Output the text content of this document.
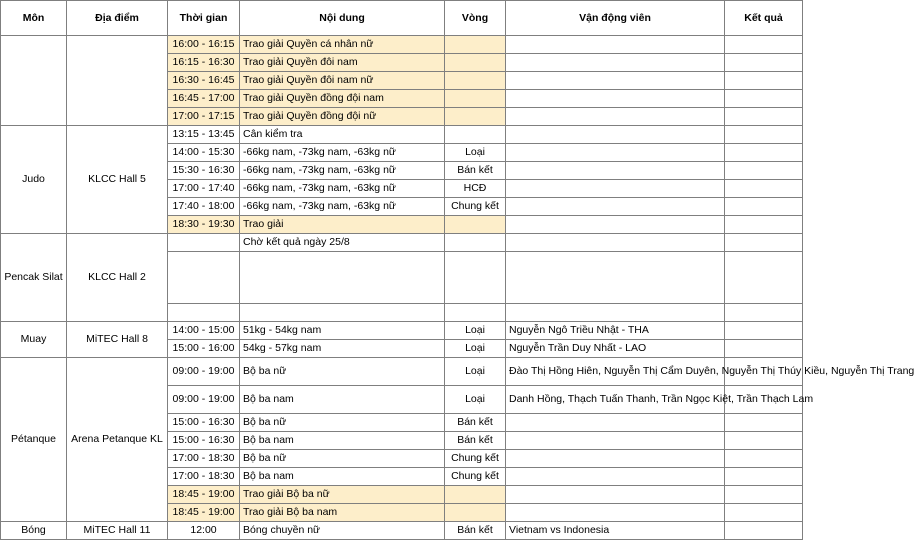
Môn	Địa điểm	Thời gian	Nội dung	Vòng	Vận động viên	Kết quả
		16:00 - 16:15	Trao giải Quyền cá nhân nữ			
		16:15 - 16:30	Trao giải Quyền đôi nam			
		16:30 - 16:45	Trao giải Quyền đôi nam nữ			
		16:45 - 17:00	Trao giải Quyền đồng đội nam			
		17:00 - 17:15	Trao giải Quyền đồng đội nữ			
Judo	KLCC Hall 5	13:15 - 13:45	Cân kiểm tra			
		14:00 - 15:30	-66kg nam, -73kg nam, -63kg nữ	Loại		
		15:30 - 16:30	-66kg nam, -73kg nam, -63kg nữ	Bán kết		
		17:00 - 17:40	-66kg nam, -73kg nam, -63kg nữ	HCĐ		
		17:40 - 18:00	-66kg nam, -73kg nam, -63kg nữ	Chung kết		
		18:30 - 19:30	Trao giải			
Pencak Silat	KLCC Hall 2		Chờ kết quả ngày 25/8			

Muay	MiTEC Hall 8	14:00 - 15:00	51kg - 54kg nam	Loại	Nguyễn Ngô Triều Nhật - THA	
		15:00 - 16:00	54kg - 57kg nam	Loại	Nguyễn Trần Duy Nhất - LAO	
Pétanque	Arena Petanque KL	09:00 - 19:00	Bộ ba nữ	Loại	Đào Thị Hồng Hiên, Nguyễn Thị Cẩm Duyên, Nguyễn Thị Thúy Kiều, Nguyễn Thị Trang	
		09:00 - 19:00	Bộ ba nam	Loại	Danh Hồng, Thạch Tuấn Thanh, Trần Ngọc Kiệt, Trần Thạch Lam	
		15:00 - 16:30	Bộ ba nữ	Bán kết		
		15:00 - 16:30	Bộ ba nam	Bán kết		
		17:00 - 18:30	Bộ ba nữ	Chung kết		
		17:00 - 18:30	Bộ ba nam	Chung kết		
		18:45 - 19:00	Trao giải Bộ ba nữ			
		18:45 - 19:00	Trao giải Bộ ba nam			
Bóng	MiTEC Hall 11	12:00	Bóng chuyền nữ	Bán kết	Vietnam vs Indonesia	
